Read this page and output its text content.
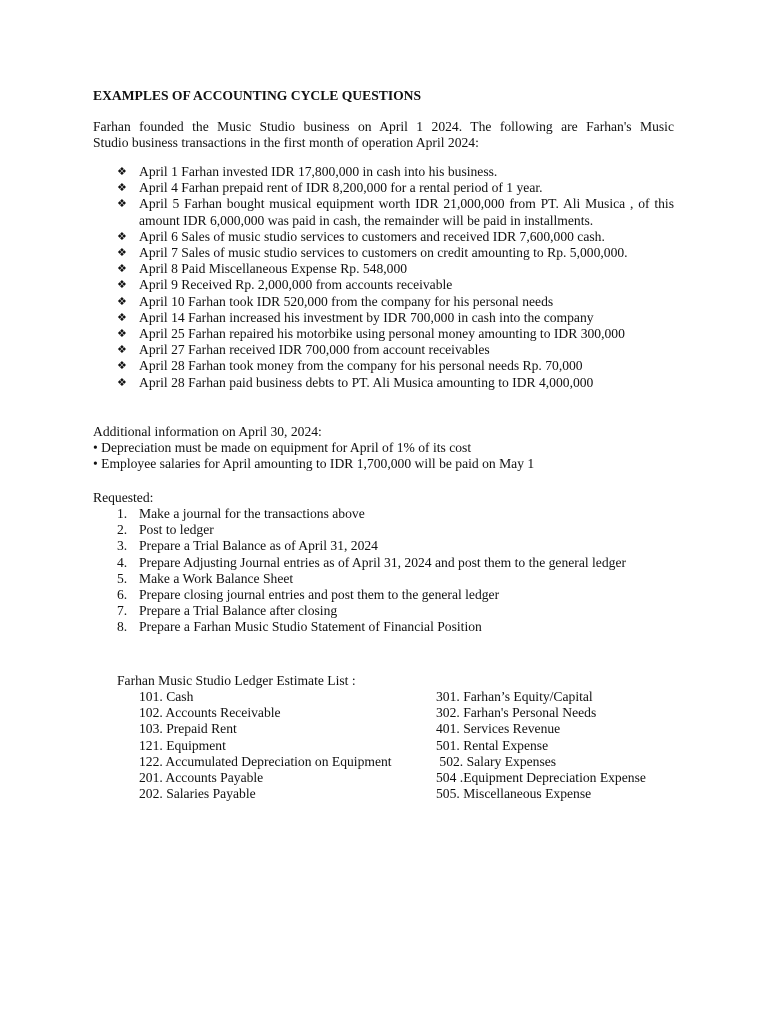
EXAMPLES OF ACCOUNTING CYCLE QUESTIONS
Farhan founded the Music Studio business on April 1 2024. The following are Farhan's Music
Studio business transactions in the first month of operation April 2024:
❖ April 1 Farhan invested IDR 17,800,000 in cash into his business.
❖ April 4 Farhan prepaid rent of IDR 8,200,000 for a rental period of 1 year.
❖ April 5 Farhan bought musical equipment worth IDR 21,000,000 from PT. Ali Musica , of this amount IDR 6,000,000 was paid in cash, the remainder will be paid in installments.
❖ April 6 Sales of music studio services to customers and received IDR 7,600,000 cash.
❖ April 7 Sales of music studio services to customers on credit amounting to Rp. 5,000,000.
❖ April 8 Paid Miscellaneous Expense Rp. 548,000
❖ April 9 Received Rp. 2,000,000 from accounts receivable
❖ April 10 Farhan took IDR 520,000 from the company for his personal needs
❖ April 14 Farhan increased his investment by IDR 700,000 in cash into the company
❖ April 25 Farhan repaired his motorbike using personal money amounting to IDR 300,000
❖ April 27 Farhan received IDR 700,000 from account receivables
❖ April 28 Farhan took money from the company for his personal needs Rp. 70,000
❖ April 28 Farhan paid business debts to PT. Ali Musica amounting to IDR 4,000,000
Additional information on April 30, 2024:
• Depreciation must be made on equipment for April of 1% of its cost
• Employee salaries for April amounting to IDR 1,700,000 will be paid on May 1
Requested:
1. Make a journal for the transactions above
2. Post to ledger
3. Prepare a Trial Balance as of April 31, 2024
4. Prepare Adjusting Journal entries as of April 31, 2024 and post them to the general ledger
5. Make a Work Balance Sheet
6. Prepare closing journal entries and post them to the general ledger
7. Prepare a Trial Balance after closing
8. Prepare a Farhan Music Studio Statement of Financial Position
Farhan Music Studio Ledger Estimate List :
101. Cash
102. Accounts Receivable
103. Prepaid Rent
121. Equipment
122. Accumulated Depreciation on Equipment
201. Accounts Payable
202. Salaries Payable
301. Farhan’s Equity/Capital
302. Farhan's Personal Needs
401. Services Revenue
501. Rental Expense
502. Salary Expenses
504 .Equipment Depreciation Expense
505. Miscellaneous Expense
